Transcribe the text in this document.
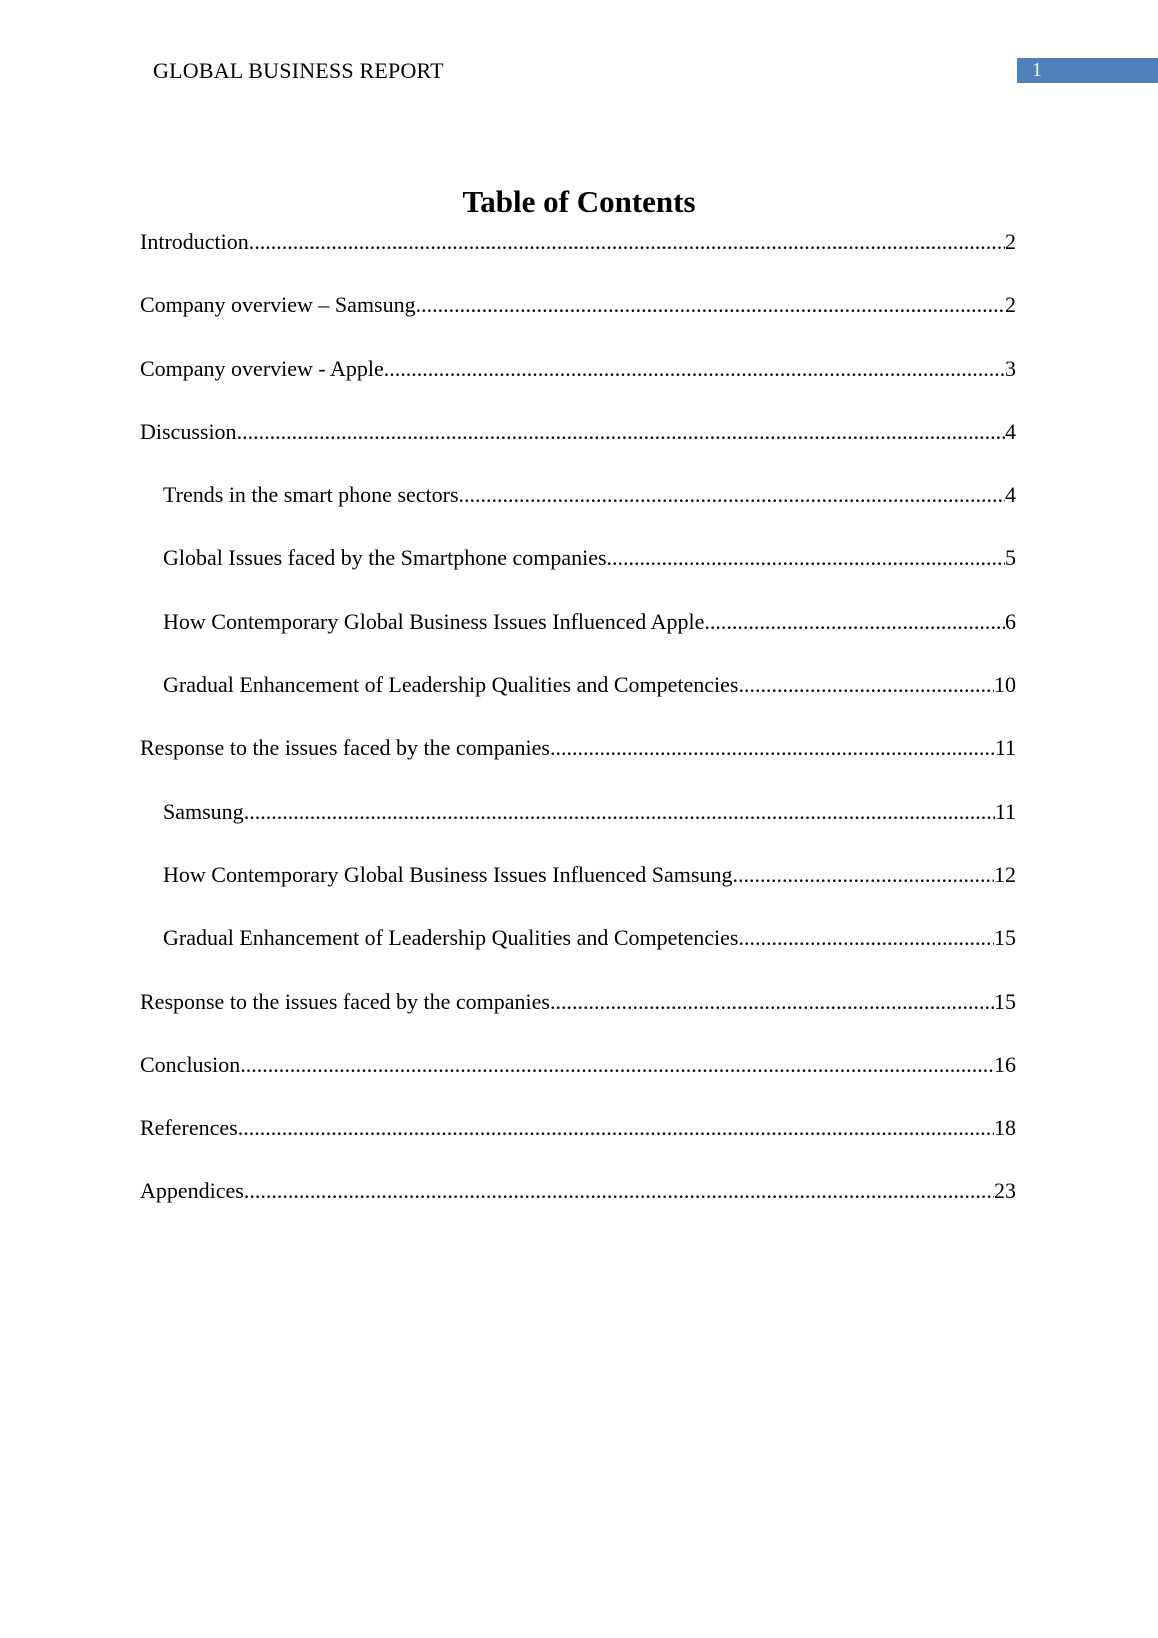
GLOBAL BUSINESS REPORT	1
Table of Contents
Introduction .....	2
Company overview – Samsung .....	2
Company overview - Apple .....	3
Discussion .....	4
Trends in the smart phone sectors .....	4
Global Issues faced by the Smartphone companies .....	5
How Contemporary Global Business Issues Influenced Apple .....	6
Gradual Enhancement of Leadership Qualities and Competencies .....	10
Response to the issues faced by the companies .....	11
Samsung .....	11
How Contemporary Global Business Issues Influenced Samsung .....	12
Gradual Enhancement of Leadership Qualities and Competencies .....	15
Response to the issues faced by the companies .....	15
Conclusion .....	16
References .....	18
Appendices .....	23
